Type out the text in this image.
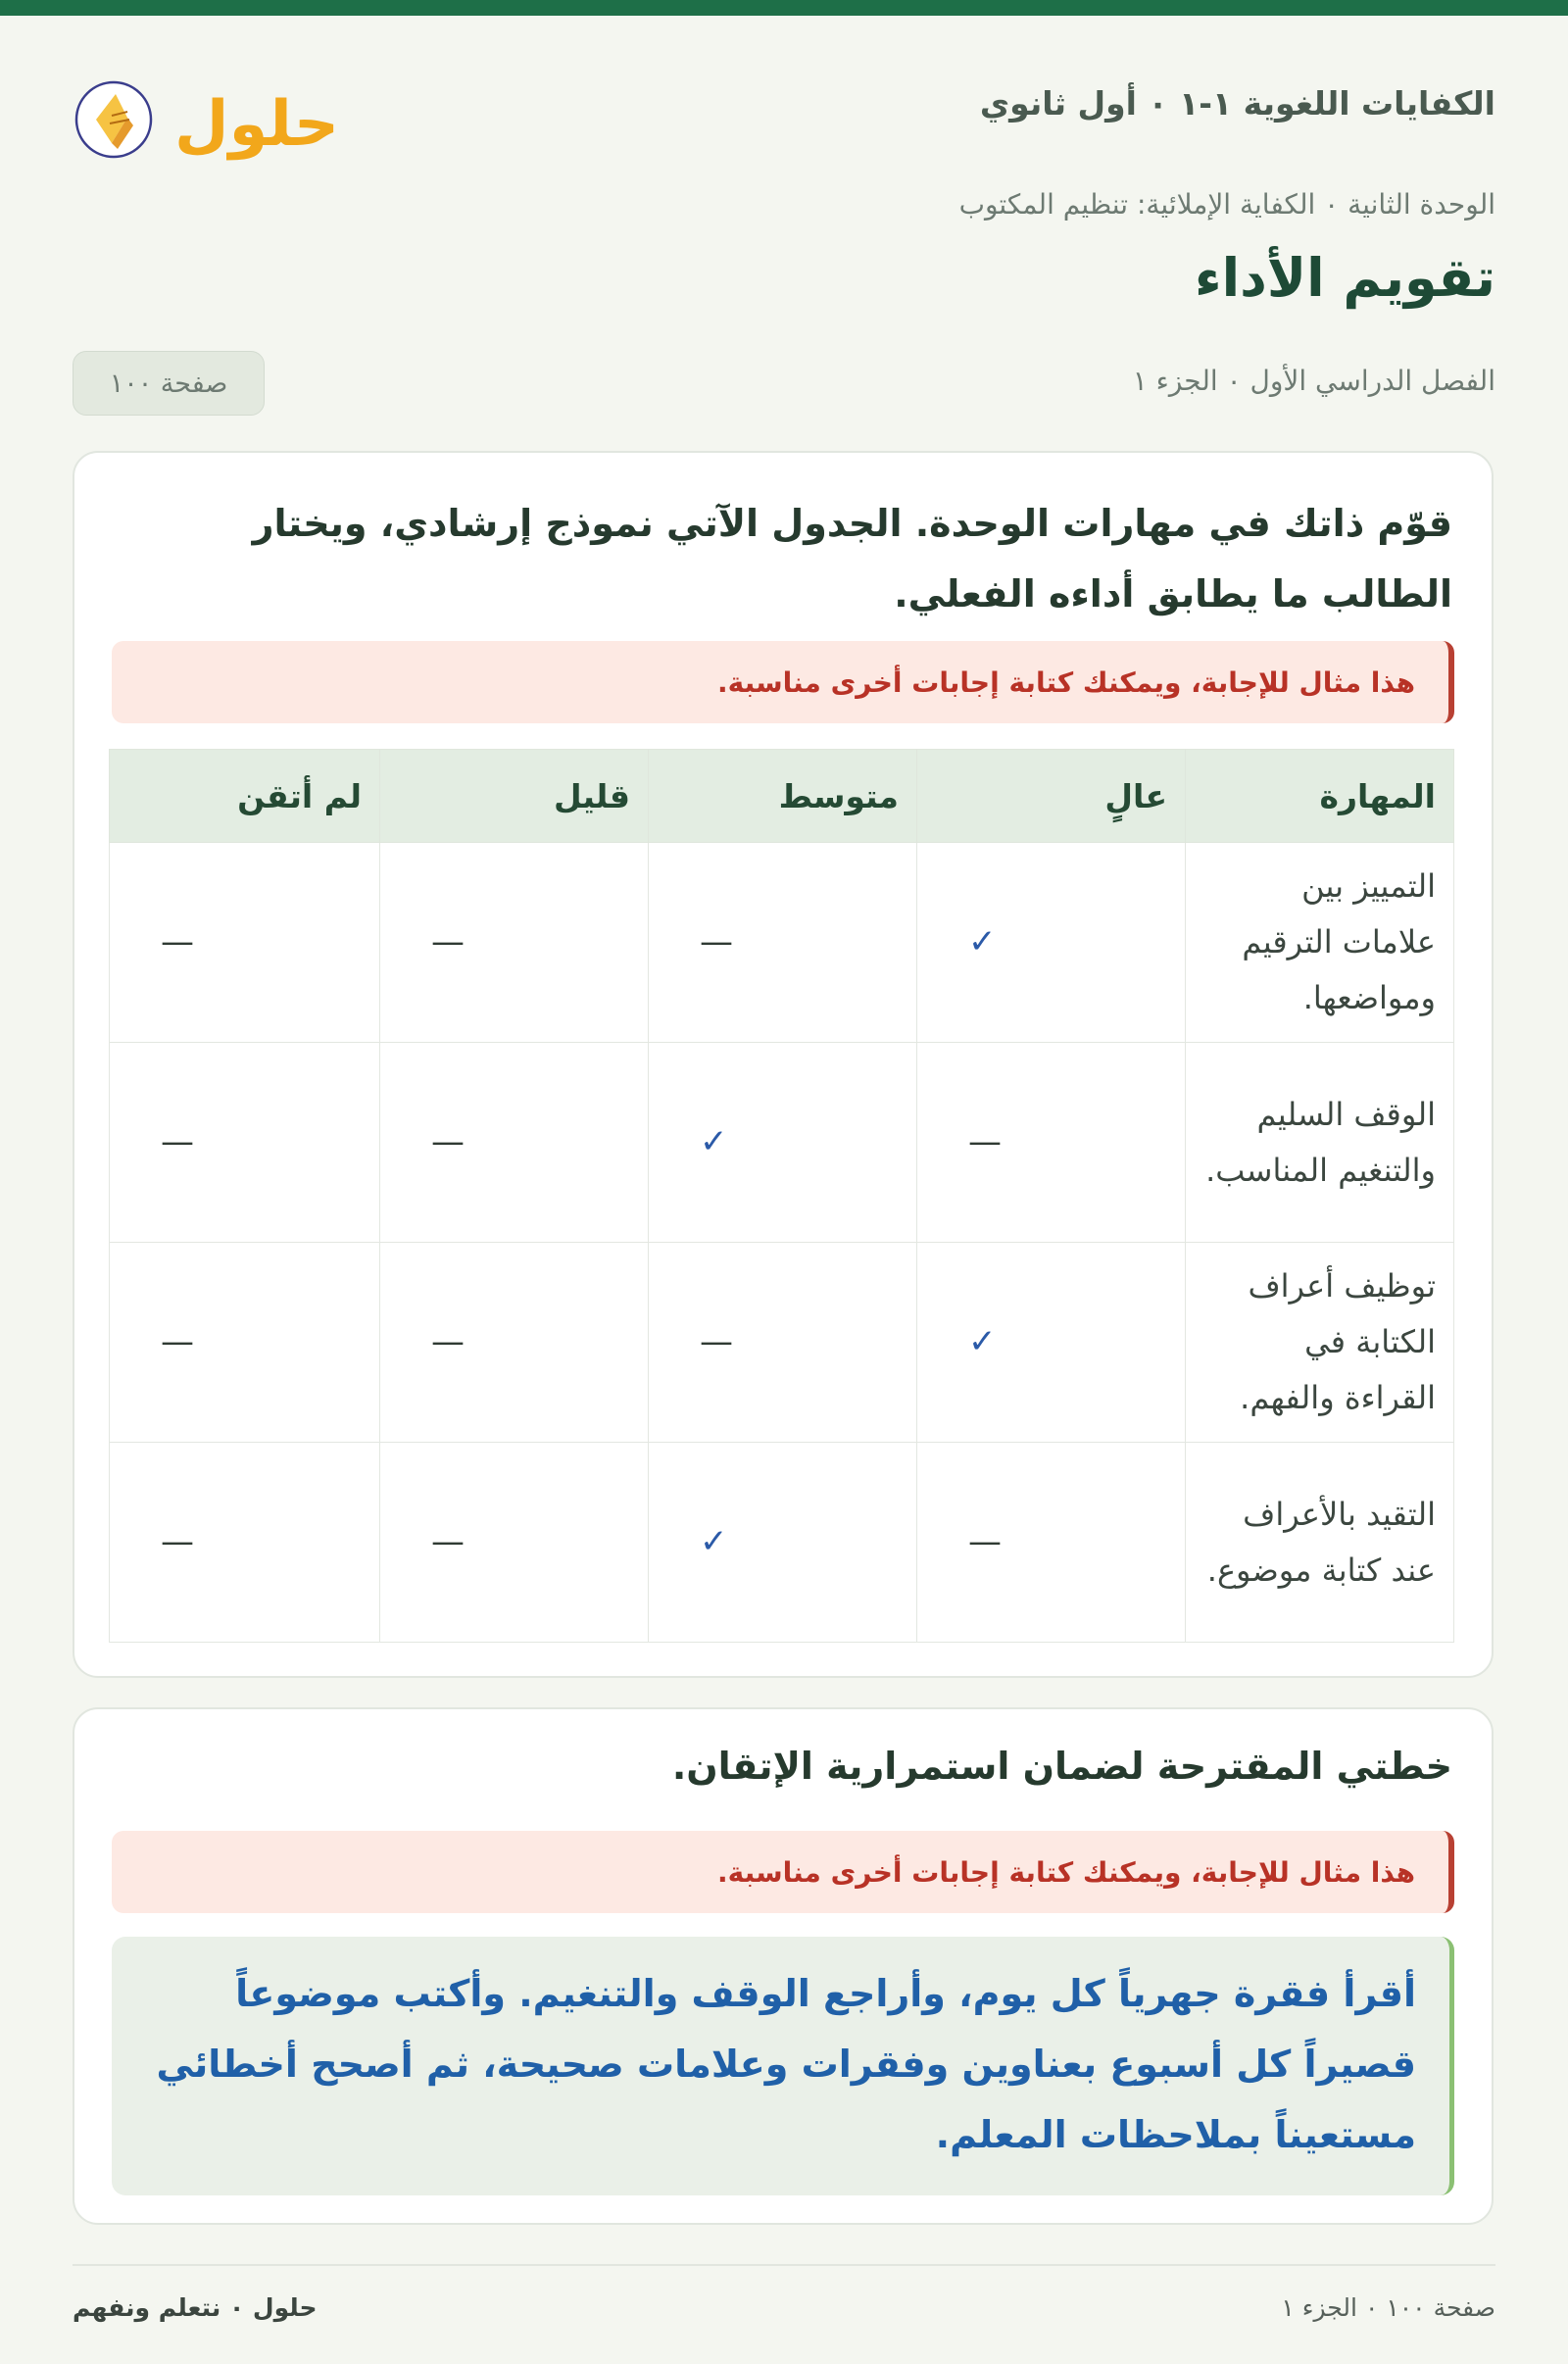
الكفايات اللغوية ١-١ ٠ أول ثانوي
حلول
الوحدة الثانية ٠ الكفاية الإملائية: تنظيم المكتوب
تقويم الأداء
الفصل الدراسي الأول ٠ الجزء ١
صفحة ١٠٠

قوّم ذاتك في مهارات الوحدة. الجدول الآتي نموذج إرشادي، ويختار الطالب ما يطابق أداءه الفعلي.

هذا مثال للإجابة، ويمكنك كتابة إجابات أخرى مناسبة.
المهارة	عالٍ	متوسط	قليل	لم أتقن
التمييز بين علامات الترقيم ومواضعها.	✓	—	—	—
الوقف السليم والتنغيم المناسب.	—	✓	—	—
توظيف أعراف الكتابة في القراءة والفهم.	✓	—	—	—
التقيد بالأعراف عند كتابة موضوع.	—	✓	—	—
خطتي المقترحة لضمان استمرارية الإتقان.
هذا مثال للإجابة، ويمكنك كتابة إجابات أخرى مناسبة.
أقرأ فقرة جهرياً كل يوم، وأراجع الوقف والتنغيم. وأكتب موضوعاً قصيراً كل أسبوع بعناوين وفقرات وعلامات صحيحة، ثم أصحح أخطائي مستعيناً بملاحظات المعلم.
صفحة ١٠٠ ٠ الجزء ١
حلول ٠ نتعلم ونفهم
